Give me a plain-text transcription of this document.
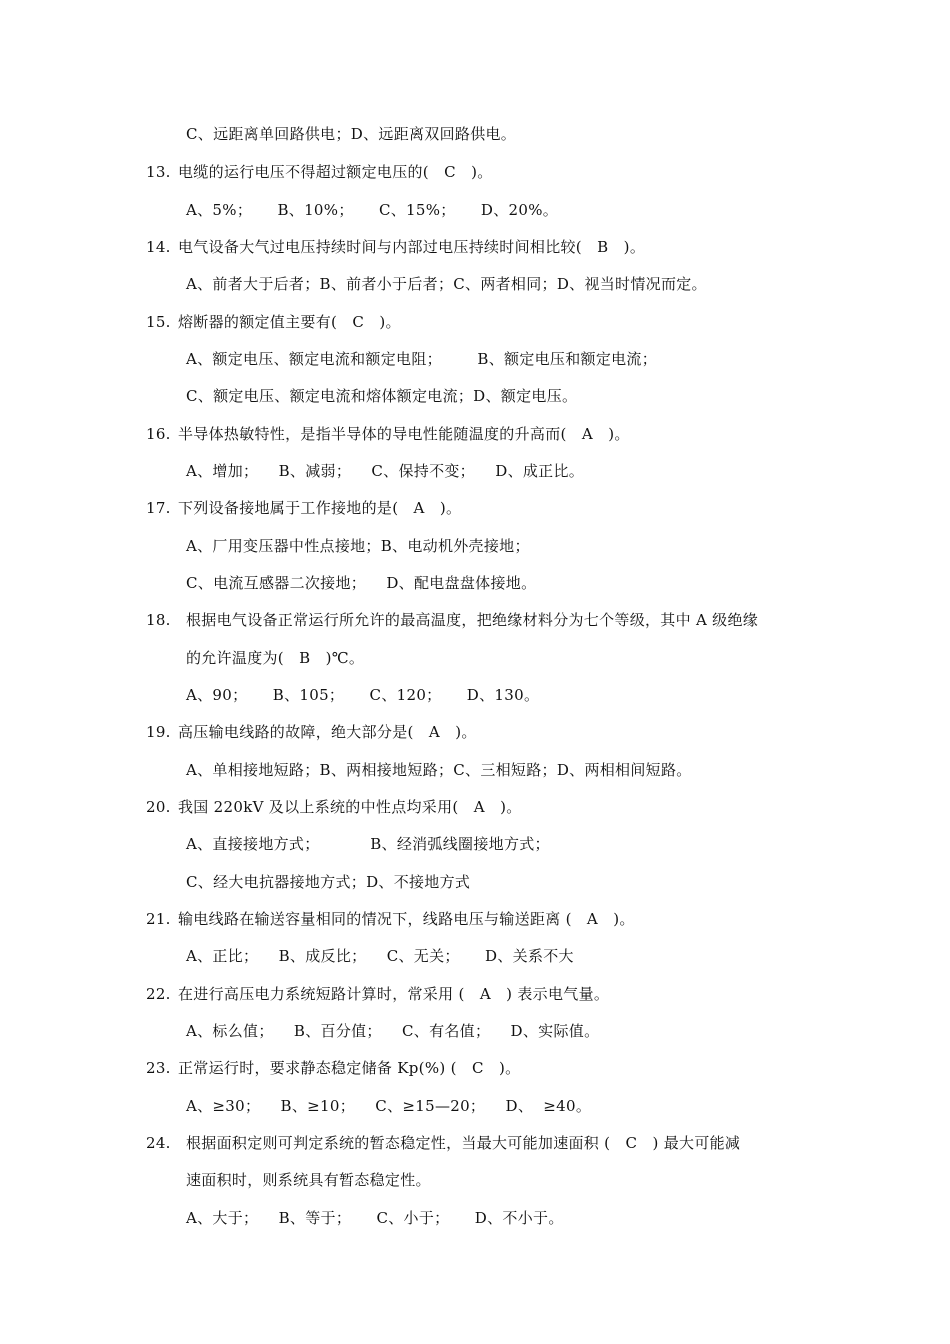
C、远距离单回路供电；D、远距离双回路供电。
13. 电缆的运行电压不得超过额定电压的(   C   )。
A、5%；     B、10%；     C、15%；     D、20%。
14. 电气设备大气过电压持续时间与内部过电压持续时间相比较(   B   )。
A、前者大于后者；B、前者小于后者；C、两者相同；D、视当时情况而定。
15. 熔断器的额定值主要有(   C   )。
A、额定电压、额定电流和额定电阻；       B、额定电压和额定电流；
C、额定电压、额定电流和熔体额定电流；D、额定电压。
16. 半导体热敏特性，是指半导体的导电性能随温度的升高而(   A   )。
A、增加；    B、减弱；    C、保持不变；    D、成正比。
17. 下列设备接地属于工作接地的是(   A   )。
A、厂用变压器中性点接地；B、电动机外壳接地；
C、电流互感器二次接地；    D、配电盘盘体接地。
18. 根据电气设备正常运行所允许的最高温度，把绝缘材料分为七个等级，其中 A 级绝缘
的允许温度为(   B   )℃。
A、90；     B、105；     C、120；     D、130。
19. 高压输电线路的故障，绝大部分是(   A   )。
A、单相接地短路；B、两相接地短路；C、三相短路；D、两相相间短路。
20. 我国 220kV 及以上系统的中性点均采用(   A   )。
A、直接接地方式；          B、经消弧线圈接地方式；
C、经大电抗器接地方式；D、不接地方式
21. 输电线路在输送容量相同的情况下，线路电压与输送距离 (   A   )。
A、正比；    B、成反比；    C、无关；     D、关系不大
22. 在进行高压电力系统短路计算时，常采用 (   A   ) 表示电气量。
A、标么值；    B、百分值；    C、有名值；    D、实际值。
23. 正常运行时，要求静态稳定储备 Kp(%) (   C   )。
A、≥30；    B、≥10；    C、≥15—20；    D、  ≥40。
24. 根据面积定则可判定系统的暂态稳定性，当最大可能加速面积 (   C   ) 最大可能减
速面积时，则系统具有暂态稳定性。
A、大于；    B、等于；     C、小于；     D、不小于。
